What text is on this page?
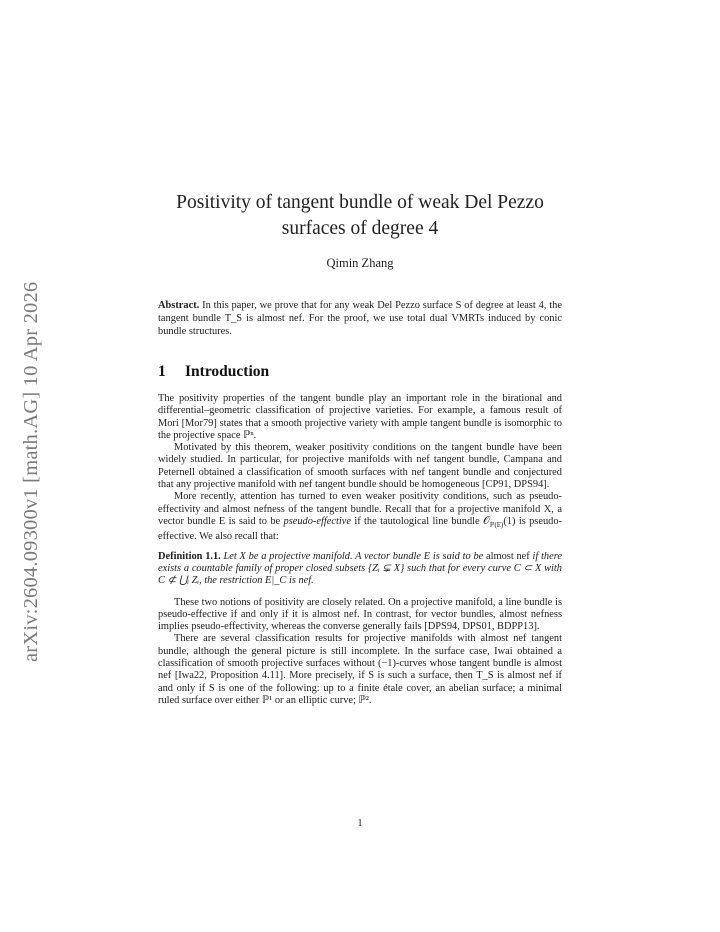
arXiv:2604.09300v1 [math.AG] 10 Apr 2026
Positivity of tangent bundle of weak Del Pezzo
surfaces of degree 4
Qimin Zhang
Abstract. In this paper, we prove that for any weak Del Pezzo surface S of degree at least 4, the tangent bundle T_S is almost nef. For the proof, we use total dual VMRTs induced by conic bundle structures.
1 Introduction

The positivity properties of the tangent bundle play an important role in the birational and differential–geometric classification of projective varieties. For example, a famous result of Mori [Mor79] states that a smooth projective variety with ample tangent bundle is isomorphic to the projective space ℙⁿ.

Motivated by this theorem, weaker positivity conditions on the tangent bundle have been widely studied. In particular, for projective manifolds with nef tangent bundle, Campana and Peternell obtained a classification of smooth surfaces with nef tangent bundle and conjectured that any projective manifold with nef tangent bundle should be homogeneous [CP91, DPS94].

More recently, attention has turned to even weaker positivity conditions, such as pseudo-effectivity and almost nefness of the tangent bundle. Recall that for a projective manifold X, a vector bundle E is said to be pseudo-effective if the tautological line bundle 𝒪$_{ℙ(E)}$(1) is pseudo-effective. We also recall that:

Definition 1.1. Let X be a projective manifold. A vector bundle E is said to be almost nef if there exists a countable family of proper closed subsets {Zᵢ ⊊ X} such that for every curve C ⊂ X with C ⊄ ⋃ᵢ Zᵢ, the restriction E|_C is nef.

These two notions of positivity are closely related. On a projective manifold, a line bundle is pseudo-effective if and only if it is almost nef. In contrast, for vector bundles, almost nefness implies pseudo-effectivity, whereas the converse generally fails [DPS94, DPS01, BDPP13].

There are several classification results for projective manifolds with almost nef tangent bundle, although the general picture is still incomplete. In the surface case, Iwai obtained a classification of smooth projective surfaces without (−1)-curves whose tangent bundle is almost nef [Iwa22, Proposition 4.11]. More precisely, if S is such a surface, then T_S is almost nef if and only if S is one of the following: up to a finite étale cover, an abelian surface; a minimal ruled surface over either ℙ¹ or an elliptic curve; ℙ².

1
